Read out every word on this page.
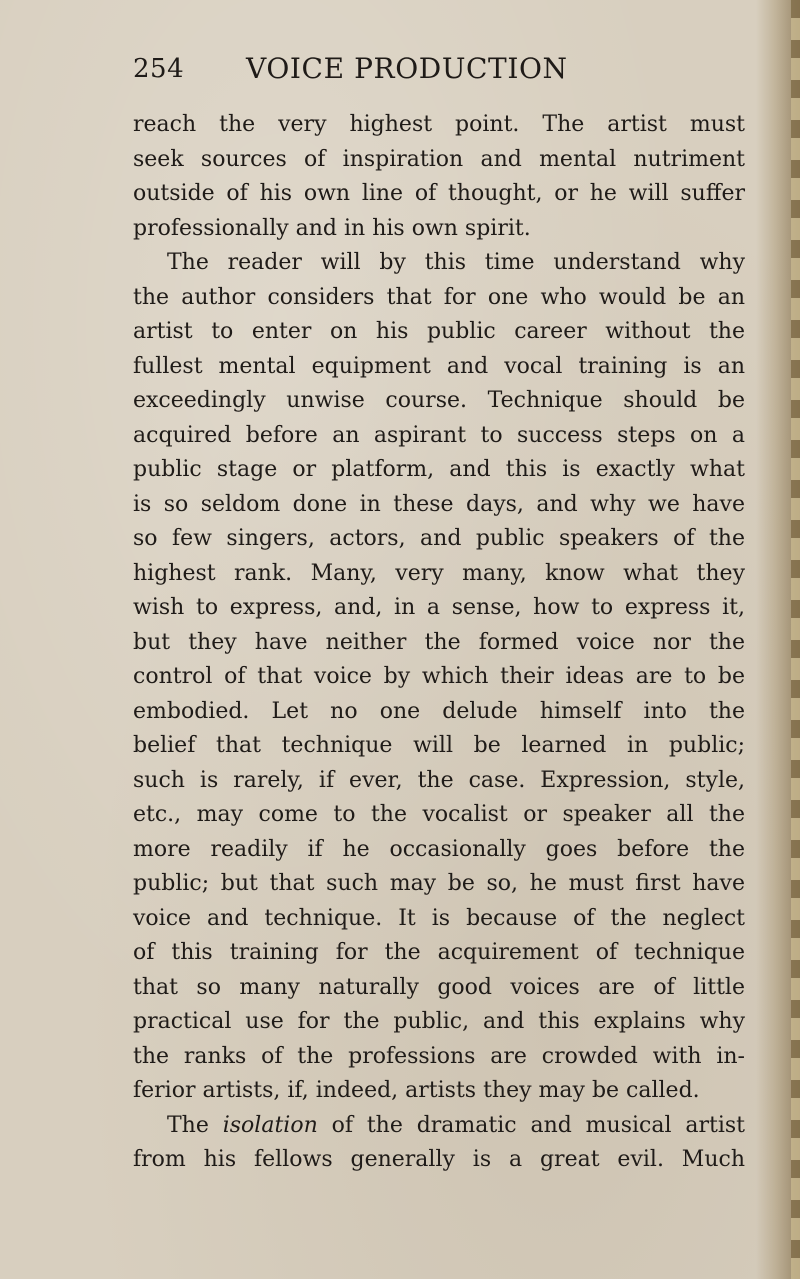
254 VOICE PRODUCTION
reach the very highest point. The artist must
seek sources of inspiration and mental nutriment
outside of his own line of thought, or he will suffer
professionally and in his own spirit.
The reader will by this time understand why
the author considers that for one who would be an
artist to enter on his public career without the
fullest mental equipment and vocal training is an
exceedingly unwise course. Technique should be
acquired before an aspirant to success steps on a
public stage or platform, and this is exactly what
is so seldom done in these days, and why we have
so few singers, actors, and public speakers of the
highest rank. Many, very many, know what they
wish to express, and, in a sense, how to express it,
but they have neither the formed voice nor the
control of that voice by which their ideas are to be
embodied. Let no one delude himself into the
belief that technique will be learned in public;
such is rarely, if ever, the case. Expression, style,
etc., may come to the vocalist or speaker all the
more readily if he occasionally goes before the
public; but that such may be so, he must first have
voice and technique. It is because of the neglect
of this training for the acquirement of technique
that so many naturally good voices are of little
practical use for the public, and this explains why
the ranks of the professions are crowded with in-
ferior artists, if, indeed, artists they may be called.
The isolation of the dramatic and musical artist
from his fellows generally is a great evil. Much
